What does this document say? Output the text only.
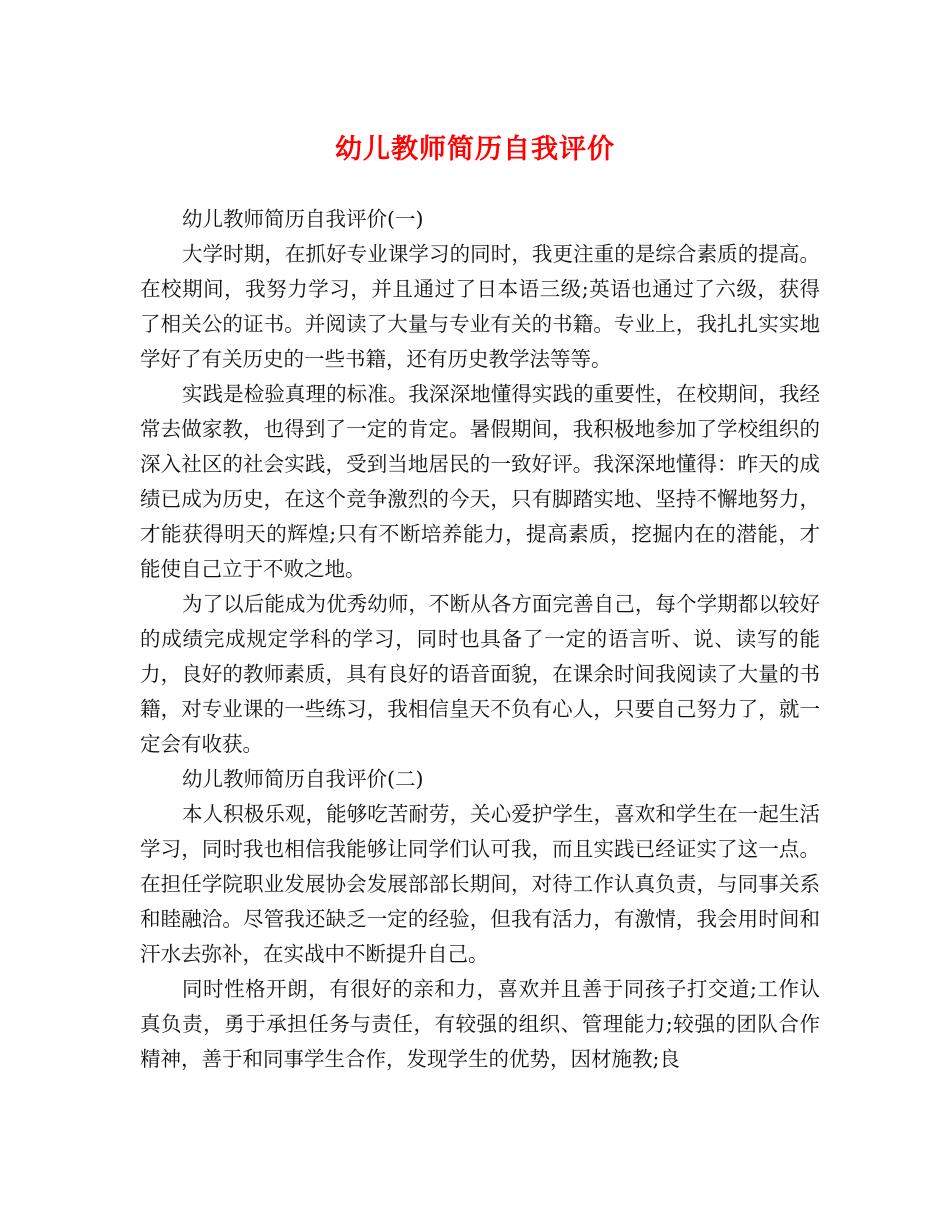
幼儿教师简历自我评价

幼儿教师简历自我评价(一)

大学时期，在抓好专业课学习的同时，我更注重的是综合素质的提高。在校期间，我努力学习，并且通过了日本语三级;英语也通过了六级，获得了相关公的证书。并阅读了大量与专业有关的书籍。专业上，我扎扎实实地学好了有关历史的一些书籍，还有历史教学法等等。

实践是检验真理的标准。我深深地懂得实践的重要性，在校期间，我经常去做家教，也得到了一定的肯定。暑假期间，我积极地参加了学校组织的深入社区的社会实践，受到当地居民的一致好评。我深深地懂得：昨天的成绩已成为历史，在这个竞争激烈的今天，只有脚踏实地、坚持不懈地努力，才能获得明天的辉煌;只有不断培养能力，提高素质，挖掘内在的潜能，才能使自己立于不败之地。

为了以后能成为优秀幼师，不断从各方面完善自己，每个学期都以较好的成绩完成规定学科的学习，同时也具备了一定的语言听、说、读写的能力，良好的教师素质，具有良好的语音面貌，在课余时间我阅读了大量的书籍，对专业课的一些练习，我相信皇天不负有心人，只要自己努力了，就一定会有收获。

幼儿教师简历自我评价(二)

本人积极乐观，能够吃苦耐劳，关心爱护学生，喜欢和学生在一起生活学习，同时我也相信我能够让同学们认可我，而且实践已经证实了这一点。在担任学院职业发展协会发展部部长期间，对待工作认真负责，与同事关系和睦融洽。尽管我还缺乏一定的经验，但我有活力，有激情，我会用时间和汗水去弥补，在实战中不断提升自己。

同时性格开朗，有很好的亲和力，喜欢并且善于同孩子打交道;工作认真负责，勇于承担任务与责任，有较强的组织、管理能力;较强的团队合作精神，善于和同事学生合作，发现学生的优势，因材施教;良
